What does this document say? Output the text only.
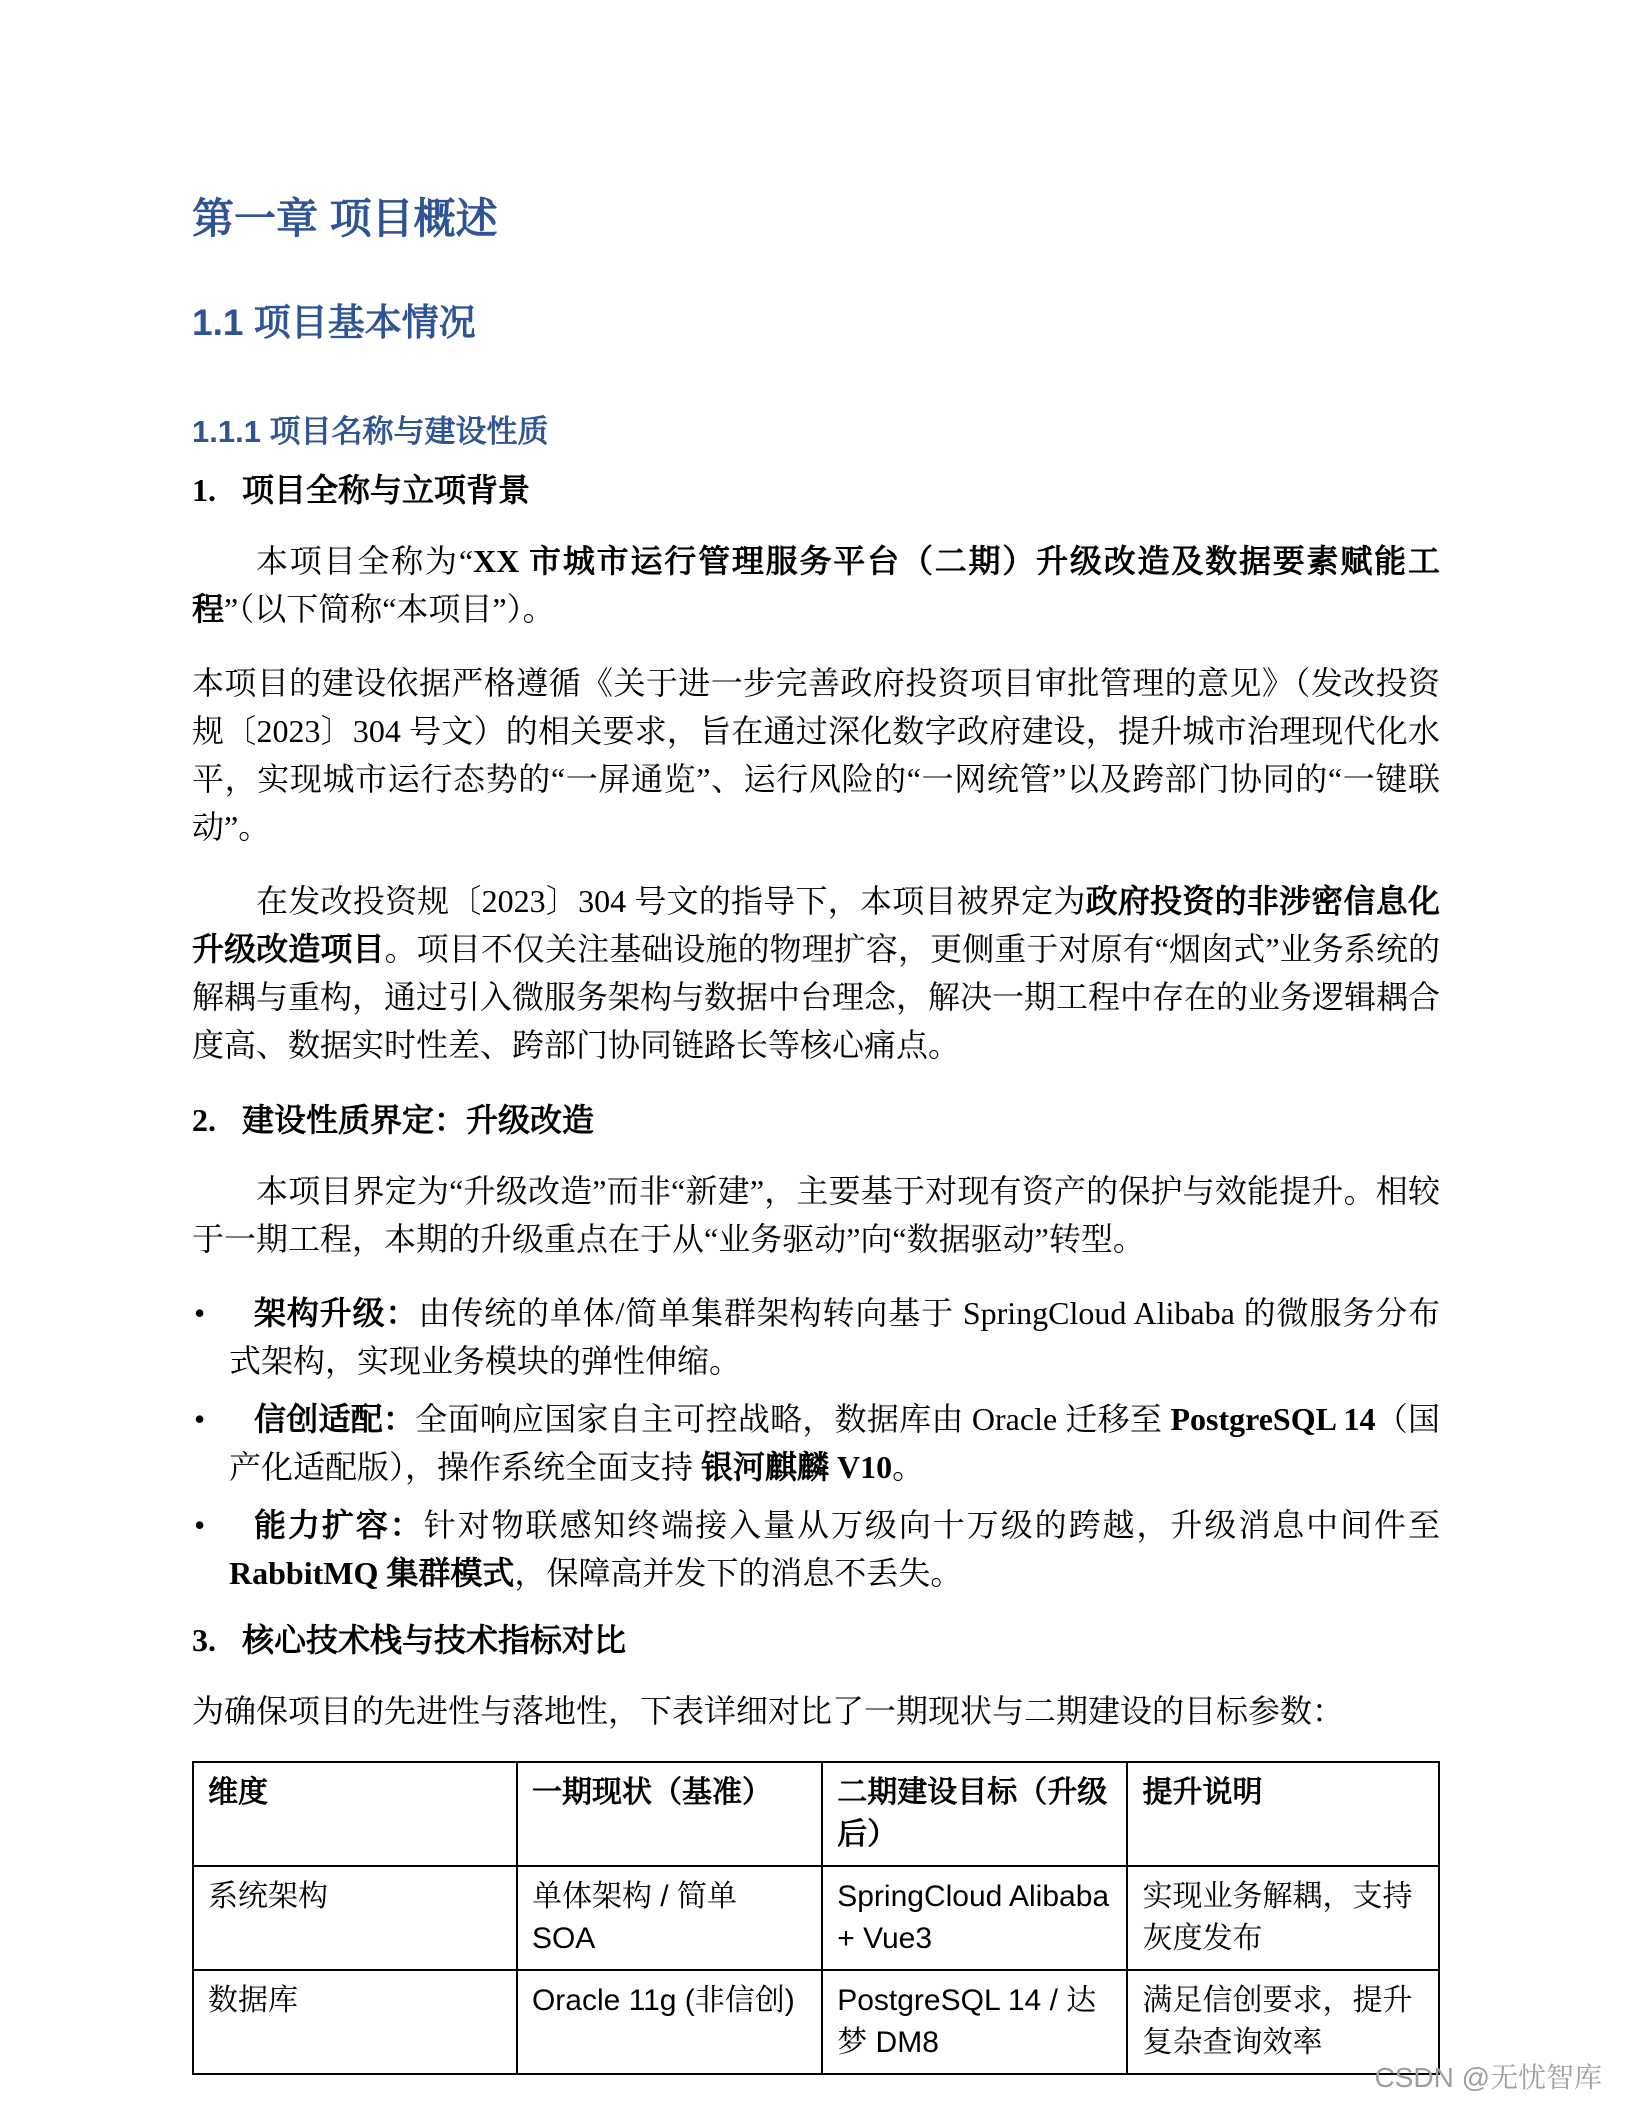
第一章 项目概述
1.1 项目基本情况
1.1.1 项目名称与建设性质
1. 项目全称与立项背景

本项目全称为“XX 市城市运行管理服务平台（二期）升级改造及数据要素赋能工程”（以下简称“本项目”）。

本项目的建设依据严格遵循《关于进一步完善政府投资项目审批管理的意见》（发改投资规〔2023〕304 号文）的相关要求，旨在通过深化数字政府建设，提升城市治理现代化水平，实现城市运行态势的“一屏通览”、运行风险的“一网统管”以及跨部门协同的“一键联动”。

在发改投资规〔2023〕304 号文的指导下，本项目被界定为政府投资的非涉密信息化升级改造项目。项目不仅关注基础设施的物理扩容，更侧重于对原有“烟囱式”业务系统的解耦与重构，通过引入微服务架构与数据中台理念，解决一期工程中存在的业务逻辑耦合度高、数据实时性差、跨部门协同链路长等核心痛点。

2. 建设性质界定：升级改造

本项目界定为“升级改造”而非“新建”，主要基于对现有资产的保护与效能提升。相较于一期工程，本期的升级重点在于从“业务驱动”向“数据驱动”转型。

• 架构升级：由传统的单体/简单集群架构转向基于 SpringCloud Alibaba 的微服务分布式架构，实现业务模块的弹性伸缩。
• 信创适配：全面响应国家自主可控战略，数据库由 Oracle 迁移至 PostgreSQL 14（国产化适配版），操作系统全面支持 银河麒麟 V10。
• 能力扩容：针对物联感知终端接入量从万级向十万级的跨越，升级消息中间件至 RabbitMQ 集群模式，保障高并发下的消息不丢失。
3. 核心技术栈与技术指标对比

为确保项目的先进性与落地性，下表详细对比了一期现状与二期建设的目标参数：

维度	一期现状（基准）	二期建设目标（升级后）	提升说明
系统架构	单体架构 / 简单 SOA	SpringCloud Alibaba + Vue3	实现业务解耦，支持灰度发布
数据库	Oracle 11g (非信创)	PostgreSQL 14 / 达梦 DM8	满足信创要求，提升复杂查询效率
CSDN @无忧智库
